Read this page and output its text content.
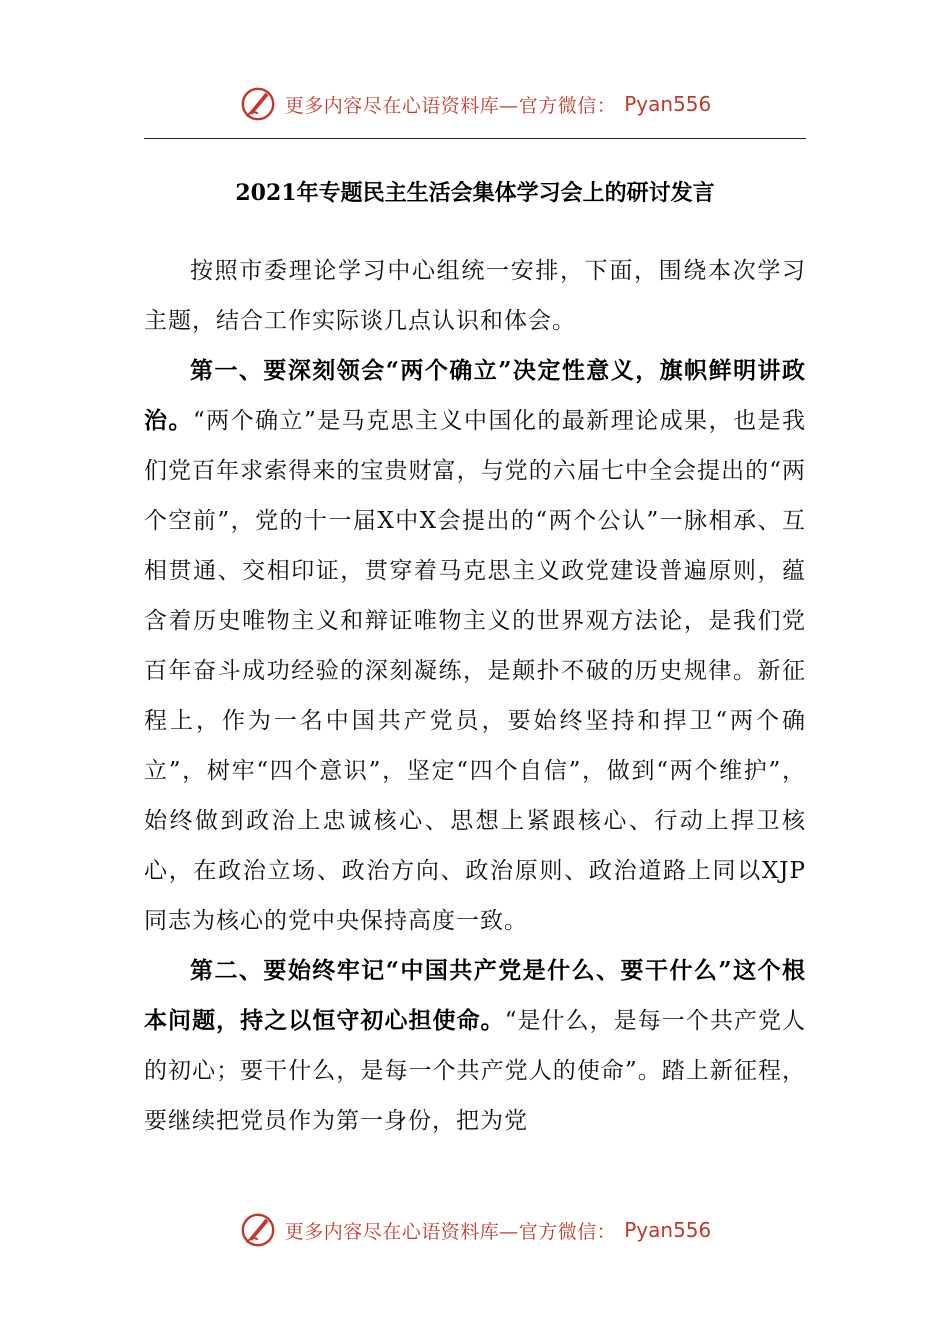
更多内容尽在心语资料库—官方微信： Pyan556
2021年专题民主生活会集体学习会上的研讨发言

按照市委理论学习中心组统一安排，下面，围绕本次学习主题，结合工作实际谈几点认识和体会。

第一、要深刻领会“两个确立”决定性意义，旗帜鲜明讲政治。“两个确立”是马克思主义中国化的最新理论成果，也是我们党百年求索得来的宝贵财富，与党的六届七中全会提出的“两个空前”，党的十一届X中X会提出的“两个公认”一脉相承、互相贯通、交相印证，贯穿着马克思主义政党建设普遍原则，蕴含着历史唯物主义和辩证唯物主义的世界观方法论，是我们党百年奋斗成功经验的深刻凝练，是颠扑不破的历史规律。新征程上，作为一名中国共产党员，要始终坚持和捍卫“两个确立”，树牢“四个意识”，坚定“四个自信”，做到“两个维护”，始终做到政治上忠诚核心、思想上紧跟核心、行动上捍卫核心，在政治立场、政治方向、政治原则、政治道路上同以XJP同志为核心的党中央保持高度一致。

第二、要始终牢记“中国共产党是什么、要干什么”这个根本问题，持之以恒守初心担使命。“是什么，是每一个共产党人的初心；要干什么，是每一个共产党人的使命”。踏上新征程，要继续把党员作为第一身份，把为党

更多内容尽在心语资料库—官方微信： Pyan556
